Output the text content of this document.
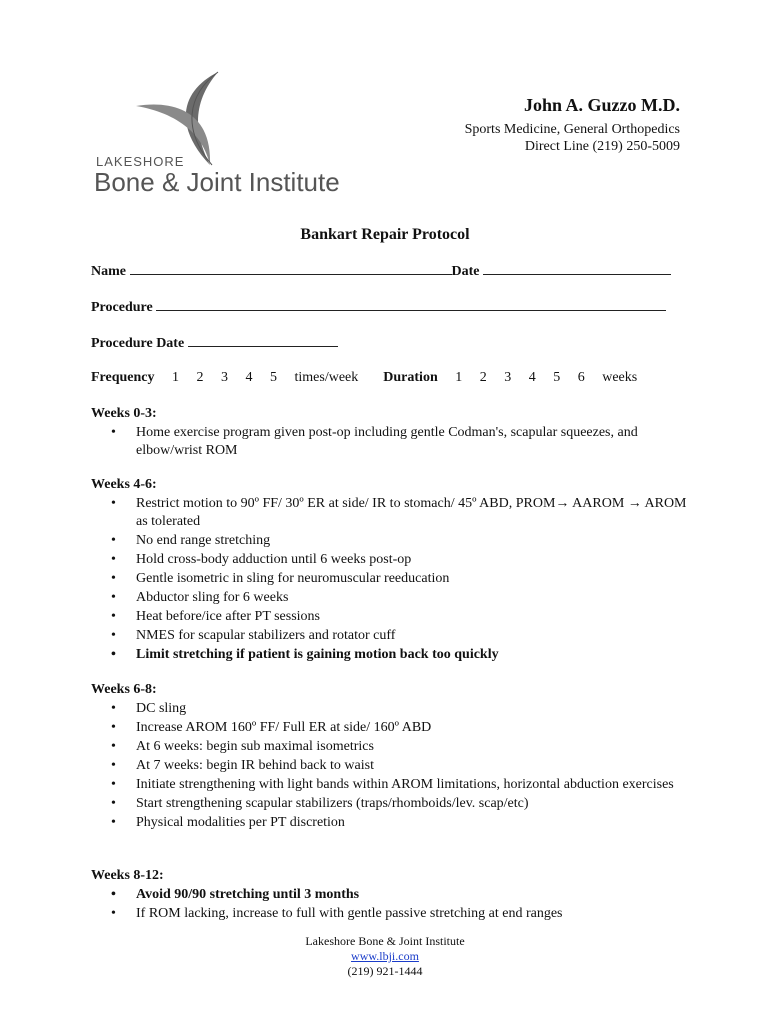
LAKESHORE
Bone & Joint Institute
John A. Guzzo M.D.
Sports Medicine, General Orthopedics
Direct Line (219) 250-5009
Bankart Repair Protocol
Name	Date
Procedure
Procedure Date
Frequency 1 2 3 4 5 times/week Duration 1 2 3 4 5 6 weeks
Weeks 0-3:
• Home exercise program given post-op including gentle Codman's, scapular squeezes, and elbow/wrist ROM
Weeks 4-6:
• Restrict motion to 90º FF/ 30º ER at side/ IR to stomach/ 45º ABD, PROM→ AAROM → AROM as tolerated
• No end range stretching
• Hold cross-body adduction until 6 weeks post-op
• Gentle isometric in sling for neuromuscular reeducation
• Abductor sling for 6 weeks
• Heat before/ice after PT sessions
• NMES for scapular stabilizers and rotator cuff
• Limit stretching if patient is gaining motion back too quickly
Weeks 6-8:
• DC sling
• Increase AROM 160º FF/ Full ER at side/ 160º ABD
• At 6 weeks: begin sub maximal isometrics
• At 7 weeks: begin IR behind back to waist
• Initiate strengthening with light bands within AROM limitations, horizontal abduction exercises
• Start strengthening scapular stabilizers (traps/rhomboids/lev. scap/etc)
• Physical modalities per PT discretion
Weeks 8-12:
• Avoid 90/90 stretching until 3 months
• If ROM lacking, increase to full with gentle passive stretching at end ranges
Lakeshore Bone & Joint Institute
www.lbji.com
(219) 921-1444
